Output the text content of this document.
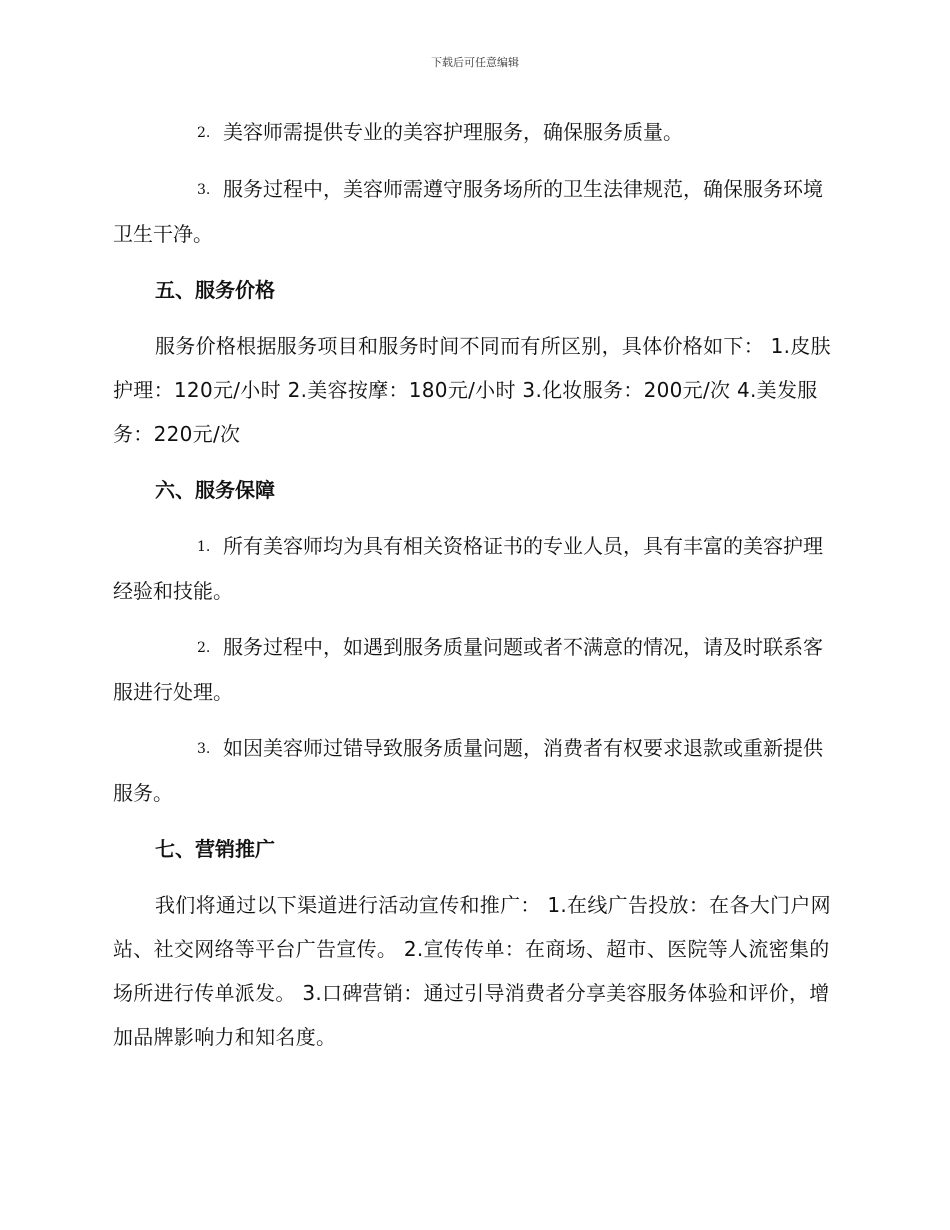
下载后可任意编辑

2. 美容师需提供专业的美容护理服务，确保服务质量。

3. 服务过程中，美容师需遵守服务场所的卫生法律规范，确保服务环境卫生干净。

五、服务价格

服务价格根据服务项目和服务时间不同而有所区别，具体价格如下： 1.皮肤护理：120元/小时 2.美容按摩：180元/小时 3.化妆服务：200元/次 4.美发服务：220元/次

六、服务保障

1. 所有美容师均为具有相关资格证书的专业人员，具有丰富的美容护理经验和技能。

2. 服务过程中，如遇到服务质量问题或者不满意的情况，请及时联系客服进行处理。

3. 如因美容师过错导致服务质量问题，消费者有权要求退款或重新提供服务。

七、营销推广

我们将通过以下渠道进行活动宣传和推广： 1.在线广告投放：在各大门户网站、社交网络等平台广告宣传。 2.宣传传单：在商场、超市、医院等人流密集的场所进行传单派发。 3.口碑营销：通过引导消费者分享美容服务体验和评价，增加品牌影响力和知名度。
